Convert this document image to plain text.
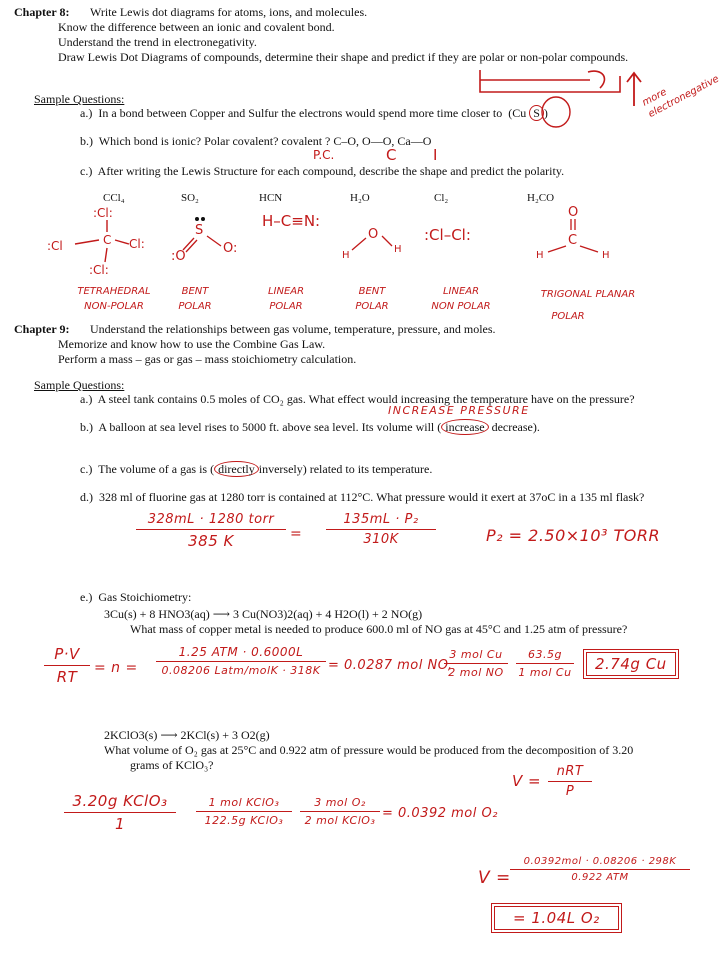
Chapter 8: Write Lewis dot diagrams for atoms, ions, and molecules.
Know the difference between an ionic and covalent bond.
Understand the trend in electronegativity.
Draw Lewis Dot Diagrams of compounds, determine their shape and predict if they are polar or non-polar compounds.
more electronegative
Sample Questions:
a.) In a bond between Copper and Sulfur the electrons would spend more time closer to (Cu S )
b.) Which bond is ionic? Polar covalent? covalent ? C–O, O—O, Ca—O
P.C.	C I
c.) After writing the Lewis Structure for each compound, describe the shape and predict the polarity.
CCl₄	SO₂	HCN	H₂O	Cl₂	H₂CO
:Cl:
C
:Cl	Cl:
:Cl:
S
:O
O:
H–C≡N:
O
H
H
:Cl–Cl:
O
C
H	H
TETRAHEDRAL
NON-POLAR
BENT
POLAR
LINEAR
POLAR
BENT
POLAR
LINEAR
NON POLAR
TRIGONAL PLANAR
POLAR
Chapter 9: Understand the relationships between gas volume, temperature, pressure, and moles.
Memorize and know how to use the Combine Gas Law.
Perform a mass – gas or gas – mass stoichiometry calculation.
Sample Questions:
a.) A steel tank contains 0.5 moles of CO₂ gas. What effect would increasing the temperature have on the pressure?
INCREASE PRESSURE
b.) A balloon at sea level rises to 5000 ft. above sea level. Its volume will ( increase decrease).
c.) The volume of a gas is ( directly inversely) related to its temperature.
d.) 328 ml of fluorine gas at 1280 torr is contained at 112°C. What pressure would it exert at 37oC in a 135 ml flask?
328mL · 1280 torr
385 K	=
135mL · P₂
310K	P₂ = 2.50×10³ TORR
e.) Gas Stoichiometry:
3Cu(s) + 8 HNO3(aq) ⟶ 3 Cu(NO3)2(aq) + 4 H2O(l) + 2 NO(g)
What mass of copper metal is needed to produce 600.0 ml of NO gas at 45°C and 1.25 atm of pressure?
P·V
RT	= n =
1.25 ATM · 0.6000L
0.08206 Latm/molK · 318K = 0.0287 mol NO,
3 mol Cu
2 mol NO
63.5g
1 mol Cu	2.74g Cu
2KClO3(s) ⟶ 2KCl(s) + 3 O2(g)
What volume of O₂ gas at 25°C and 0.922 atm of pressure would be produced from the decomposition of 3.20
grams of KClO₃?
V =
nRT
P
3.20g KClO₃
1
1 mol KClO₃
122.5g KClO₃
3 mol O₂
2 mol KClO₃ = 0.0392 mol O₂
V =
0.0392mol · 0.08206 · 298K
0.922 ATM
= 1.04L O₂
